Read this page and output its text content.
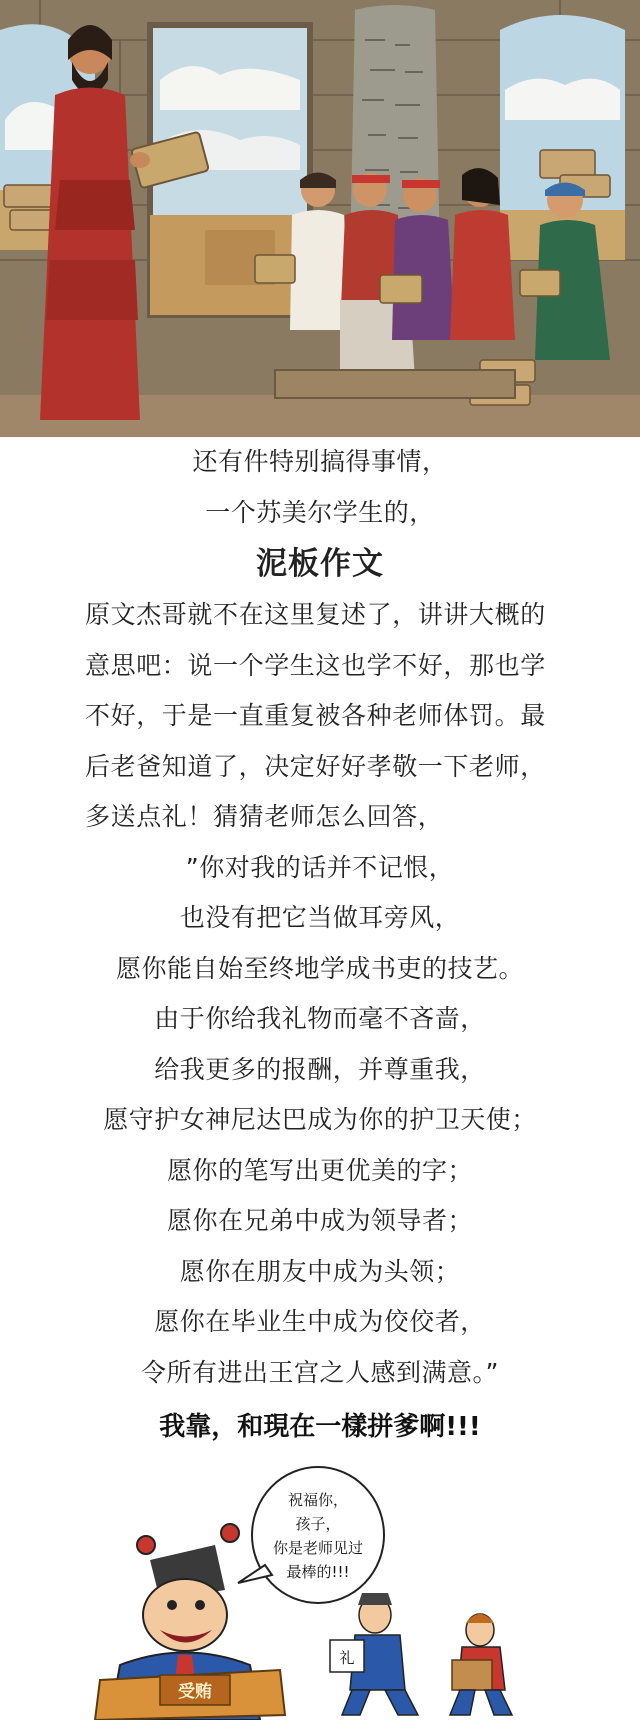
还有件特别搞得事情，
一个苏美尔学生的，
泥板作文
原文杰哥就不在这里复述了，讲讲大概的意思吧：说一个学生这也学不好，那也学不好，于是一直重复被各种老师体罚。最后老爸知道了，决定好好孝敬一下老师，多送点礼！猜猜老师怎么回答，
”你对我的话并不记恨，
也没有把它当做耳旁风，
愿你能自始至终地学成书吏的技艺。
由于你给我礼物而毫不吝啬，
给我更多的报酬，并尊重我，
愿守护女神尼达巴成为你的护卫天使；
愿你的笔写出更优美的字；
愿你在兄弟中成为领导者；
愿你在朋友中成为头领；
愿你在毕业生中成为佼佼者，
令所有进出王宫之人感到满意。”
我靠，和現在一樣拼爹啊!!!
祝福你，
孩子，
你是老师见过
最棒的!!!
受贿
礼
